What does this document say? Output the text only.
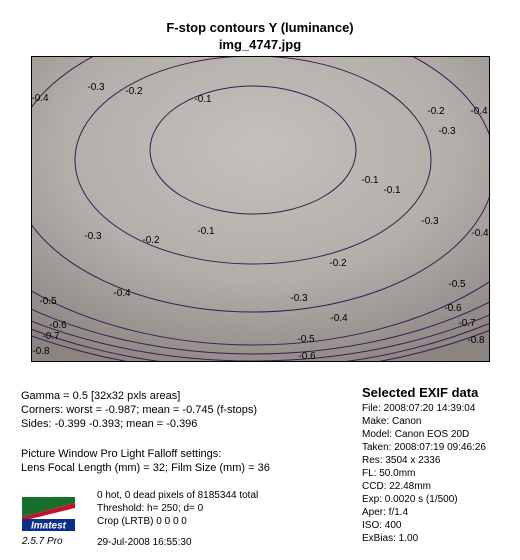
F-stop contours Y (luminance)
img_4747.jpg
-0.1
-0.1
-0.1
-0.1
-0.2
-0.2
-0.2
-0.2
-0.3
-0.3
-0.3
-0.3
-0.3
-0.4
-0.4
-0.4
-0.4
-0.4
-0.5
-0.5
-0.5
-0.6
-0.6
-0.6
-0.7
-0.7
-0.8
-0.8
Gamma = 0.5 [32x32 pxls areas]
Corners: worst = -0.987; mean = -0.745 (f-stops)
Sides: -0.399 -0.393; mean = -0.396
Picture Window Pro Light Falloff settings:
Lens Focal Length (mm) = 32; Film Size (mm) = 36
0 hot, 0 dead pixels of 8185344 total
Threshold: h= 250; d= 0
Crop (LRTB) 0 0 0 0
29-Jul-2008 16:55:30
Imatest
2.5.7 Pro
Selected EXIF data
File: 2008:07:20 14:39:04
Make: Canon
Model: Canon EOS 20D
Taken: 2008:07:19 09:46:26
Res: 3504 x 2336
FL: 50.0mm
CCD: 22.48mm
Exp: 0.0020 s (1/500)
Aper: f/1.4
ISO: 400
ExBias: 1.00
